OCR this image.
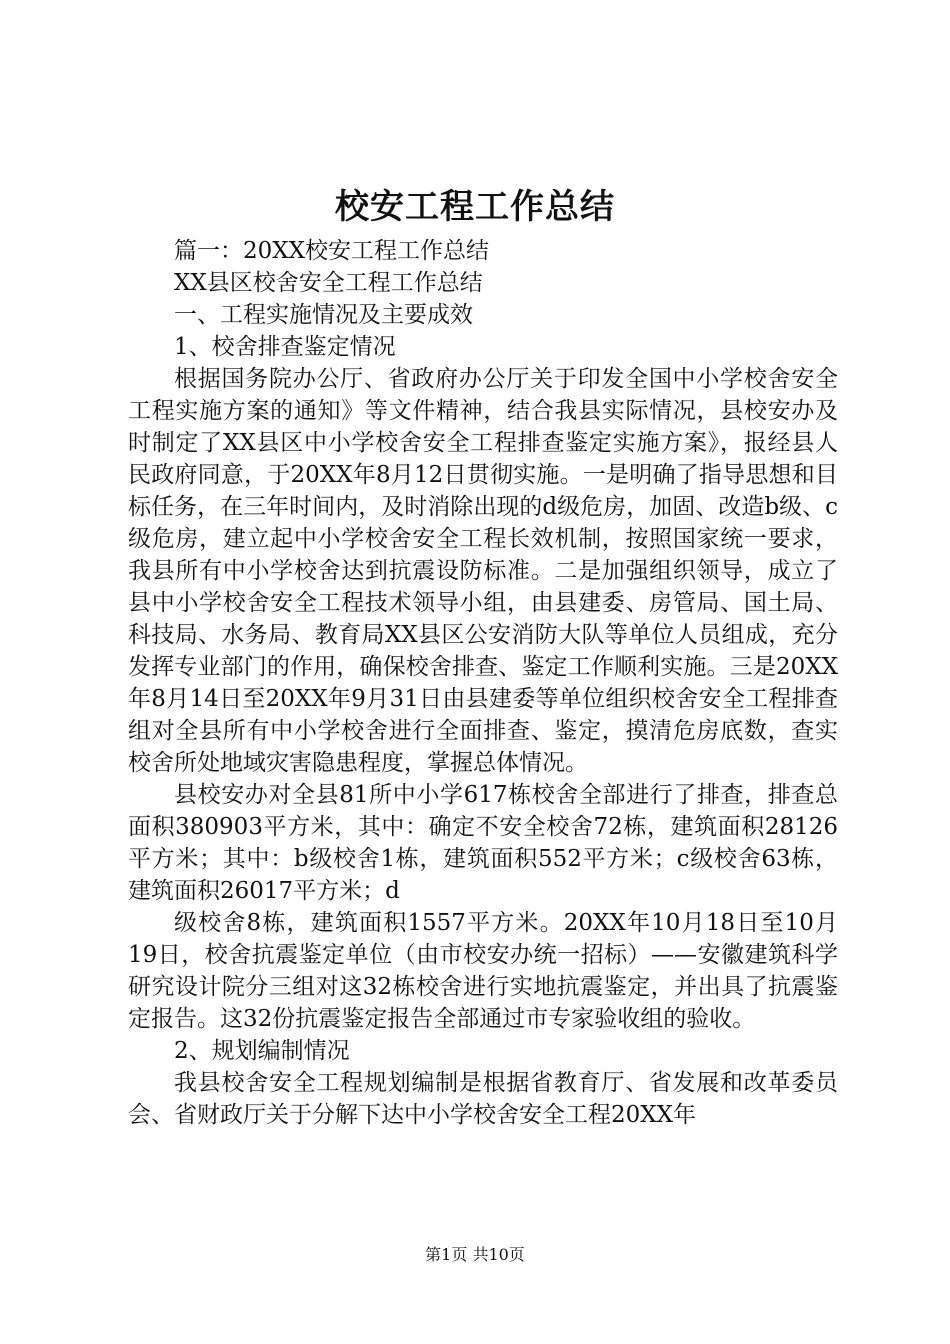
校安工程工作总结

篇一：20XX校安工程工作总结

XX县区校舍安全工程工作总结

一、工程实施情况及主要成效

1、校舍排查鉴定情况

根据国务院办公厅、省政府办公厅关于印发全国中小学校舍安全工程实施方案的通知》等文件精神，结合我县实际情况，县校安办及时制定了XX县区中小学校舍安全工程排查鉴定实施方案》，报经县人民政府同意，于20XX年8月12日贯彻实施。一是明确了指导思想和目标任务，在三年时间内，及时消除出现的d级危房，加固、改造b级、c级危房，建立起中小学校舍安全工程长效机制，按照国家统一要求，我县所有中小学校舍达到抗震设防标准。二是加强组织领导，成立了县中小学校舍安全工程技术领导小组，由县建委、房管局、国土局、科技局、水务局、教育局XX县区公安消防大队等单位人员组成，充分发挥专业部门的作用，确保校舍排查、鉴定工作顺利实施。三是20XX年8月14日至20XX年9月31日由县建委等单位组织校舍安全工程排查组对全县所有中小学校舍进行全面排查、鉴定，摸清危房底数，查实校舍所处地域灾害隐患程度，掌握总体情况。

县校安办对全县81所中小学617栋校舍全部进行了排查，排查总面积380903平方米，其中：确定不安全校舍72栋，建筑面积28126平方米；其中：b级校舍1栋，建筑面积552平方米；c级校舍63栋，建筑面积26017平方米；d

级校舍8栋，建筑面积1557平方米。20XX年10月18日至10月19日，校舍抗震鉴定单位（由市校安办统一招标）——安徽建筑科学研究设计院分三组对这32栋校舍进行实地抗震鉴定，并出具了抗震鉴定报告。这32份抗震鉴定报告全部通过市专家验收组的验收。

2、规划编制情况

我县校舍安全工程规划编制是根据省教育厅、省发展和改革委员会、省财政厅关于分解下达中小学校舍安全工程20XX年

第1页 共10页
